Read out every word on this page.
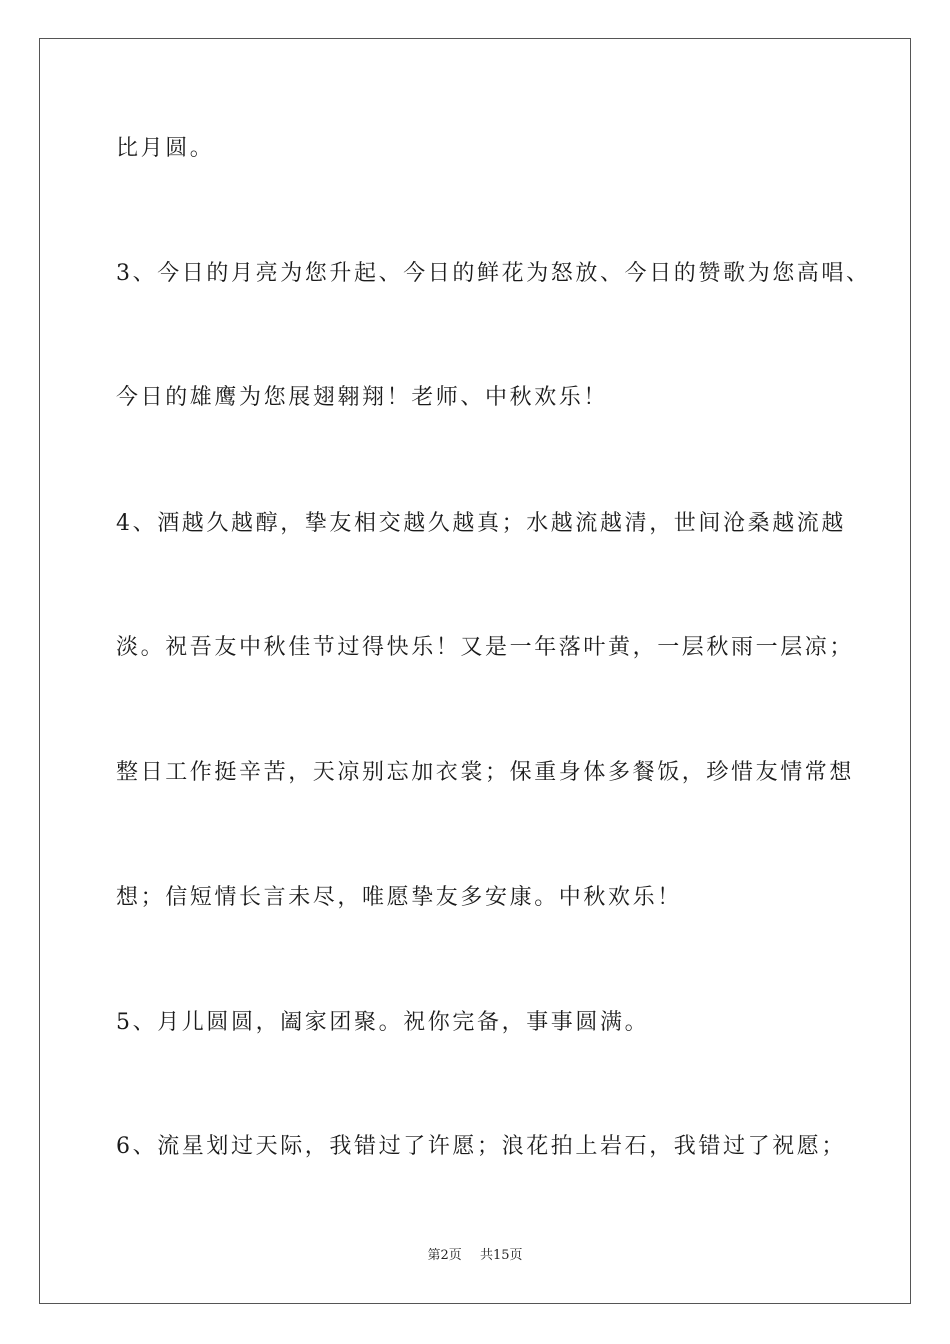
比月圆。
3、今日的月亮为您升起、今日的鲜花为怒放、今日的赞歌为您高唱、
今日的雄鹰为您展翅翱翔！老师、中秋欢乐！
4、酒越久越醇，挚友相交越久越真；水越流越清，世间沧桑越流越
淡。祝吾友中秋佳节过得快乐！又是一年落叶黄，一层秋雨一层凉；
整日工作挺辛苦，天凉别忘加衣裳；保重身体多餐饭，珍惜友情常想
想；信短情长言未尽，唯愿挚友多安康。中秋欢乐！
5、月儿圆圆，阖家团聚。祝你完备，事事圆满。
6、流星划过天际，我错过了许愿；浪花拍上岩石，我错过了祝愿；
第2页 共15页
